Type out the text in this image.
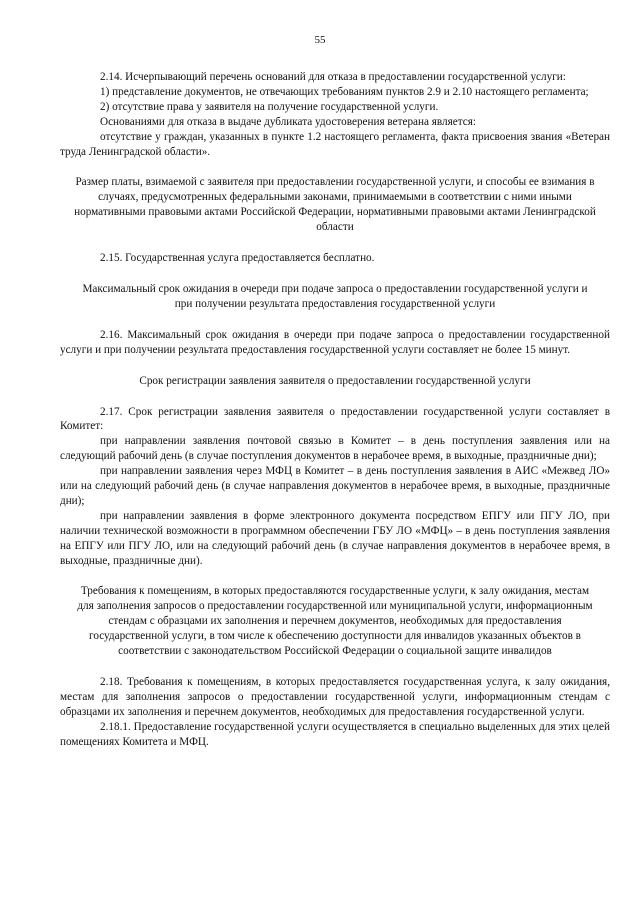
55

2.14. Исчерпывающий перечень оснований для отказа в предоставлении государственной услуги:

1) представление документов, не отвечающих требованиям пунктов 2.9 и 2.10 настоящего регламента;

2) отсутствие права у заявителя на получение государственной услуги.

Основаниями для отказа в выдаче дубликата удостоверения ветерана является:

отсутствие у граждан, указанных в пункте 1.2 настоящего регламента, факта присвоения звания «Ветеран труда Ленинградской области».

Размер платы, взимаемой с заявителя при предоставлении государственной услуги, и способы ее взимания в случаях, предусмотренных федеральными законами, принимаемыми в соответствии с ними иными нормативными правовыми актами Российской Федерации, нормативными правовыми актами Ленинградской области

2.15. Государственная услуга предоставляется бесплатно.

Максимальный срок ожидания в очереди при подаче запроса о предоставлении государственной услуги и при получении результата предоставления государственной услуги

2.16. Максимальный срок ожидания в очереди при подаче запроса о предоставлении государственной услуги и при получении результата предоставления государственной услуги составляет не более 15 минут.

Срок регистрации заявления заявителя о предоставлении государственной услуги

2.17. Срок регистрации заявления заявителя о предоставлении государственной услуги составляет в Комитет:

при направлении заявления почтовой связью в Комитет – в день поступления заявления или на следующий рабочий день (в случае поступления документов в нерабочее время, в выходные, праздничные дни);

при направлении заявления через МФЦ в Комитет – в день поступления заявления в АИС «Межвед ЛО» или на следующий рабочий день (в случае направления документов в нерабочее время, в выходные, праздничные дни);

при направлении заявления в форме электронного документа посредством ЕПГУ или ПГУ ЛО, при наличии технической возможности в программном обеспечении ГБУ ЛО «МФЦ» – в день поступления заявления на ЕПГУ или ПГУ ЛО, или на следующий рабочий день (в случае направления документов в нерабочее время, в выходные, праздничные дни).

Требования к помещениям, в которых предоставляются государственные услуги, к залу ожидания, местам для заполнения запросов о предоставлении государственной или муниципальной услуги, информационным стендам с образцами их заполнения и перечнем документов, необходимых для предоставления государственной услуги, в том числе к обеспечению доступности для инвалидов указанных объектов в соответствии с законодательством Российской Федерации о социальной защите инвалидов

2.18. Требования к помещениям, в которых предоставляется государственная услуга, к залу ожидания, местам для заполнения запросов о предоставлении государственной услуги, информационным стендам с образцами их заполнения и перечнем документов, необходимых для предоставления государственной услуги.

2.18.1. Предоставление государственной услуги осуществляется в специально выделенных для этих целей помещениях Комитета и МФЦ.
